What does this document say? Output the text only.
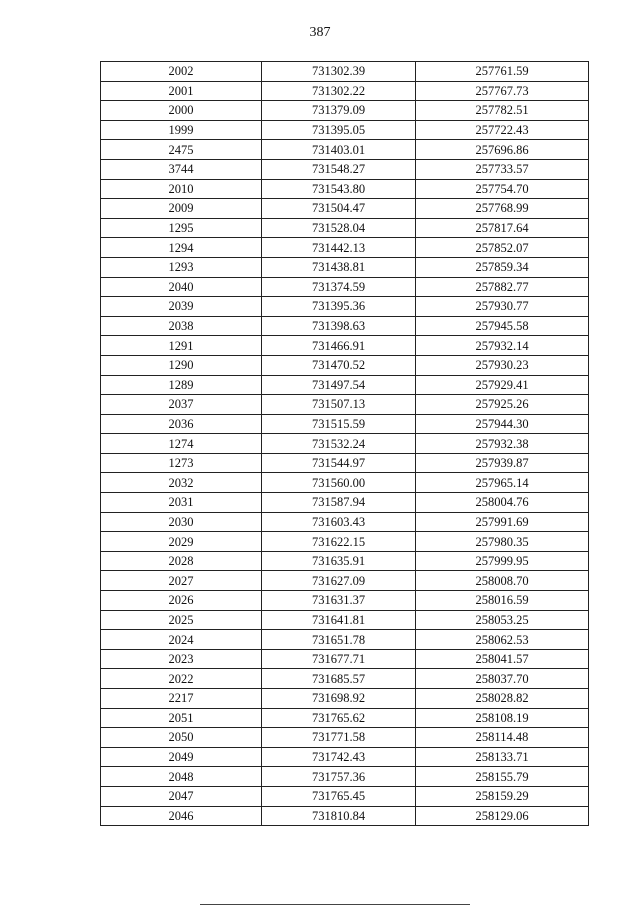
387
2002	731302.39	257761.59
2001	731302.22	257767.73
2000	731379.09	257782.51
1999	731395.05	257722.43
2475	731403.01	257696.86
3744	731548.27	257733.57
2010	731543.80	257754.70
2009	731504.47	257768.99
1295	731528.04	257817.64
1294	731442.13	257852.07
1293	731438.81	257859.34
2040	731374.59	257882.77
2039	731395.36	257930.77
2038	731398.63	257945.58
1291	731466.91	257932.14
1290	731470.52	257930.23
1289	731497.54	257929.41
2037	731507.13	257925.26
2036	731515.59	257944.30
1274	731532.24	257932.38
1273	731544.97	257939.87
2032	731560.00	257965.14
2031	731587.94	258004.76
2030	731603.43	257991.69
2029	731622.15	257980.35
2028	731635.91	257999.95
2027	731627.09	258008.70
2026	731631.37	258016.59
2025	731641.81	258053.25
2024	731651.78	258062.53
2023	731677.71	258041.57
2022	731685.57	258037.70
2217	731698.92	258028.82
2051	731765.62	258108.19
2050	731771.58	258114.48
2049	731742.43	258133.71
2048	731757.36	258155.79
2047	731765.45	258159.29
2046	731810.84	258129.06
